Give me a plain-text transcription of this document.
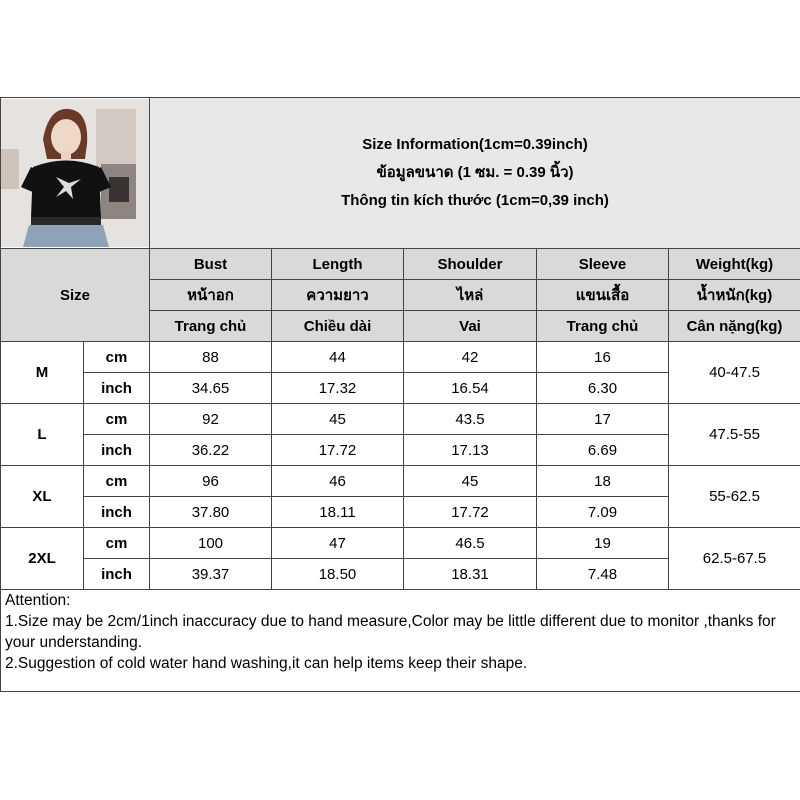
Size Information(1cm=0.39inch)
ข้อมูลขนาด (1 ซม. = 0.39 นิ้ว)
Thông tin kích thước (1cm=0,39 inch)				

Size		Bust	Length	Shoulder	Sleeve	Weight(kg)
		หน้าอก	ความยาว	ไหล่	แขนเสื้อ	น้ำหนัก(kg)
		Trang chủ	Chiều dài	Vai	Trang chủ	Cân nặng(kg)
M	cm	88	44	42	16	40-47.5
	inch	34.65	17.32	16.54	6.30	
L	cm	92	45	43.5	17	47.5-55
	inch	36.22	17.72	17.13	6.69	
XL	cm	96	46	45	18	55-62.5
	inch	37.80	18.11	17.72	7.09	
2XL	cm	100	47	46.5	19	62.5-67.5
	inch	39.37	18.50	18.31	7.48	

Attention:
1.Size may be 2cm/1inch inaccuracy due to hand measure,Color may be little different due to monitor ,thanks for your understanding.
2.Suggestion of cold water hand washing,it can help items keep their shape.						
